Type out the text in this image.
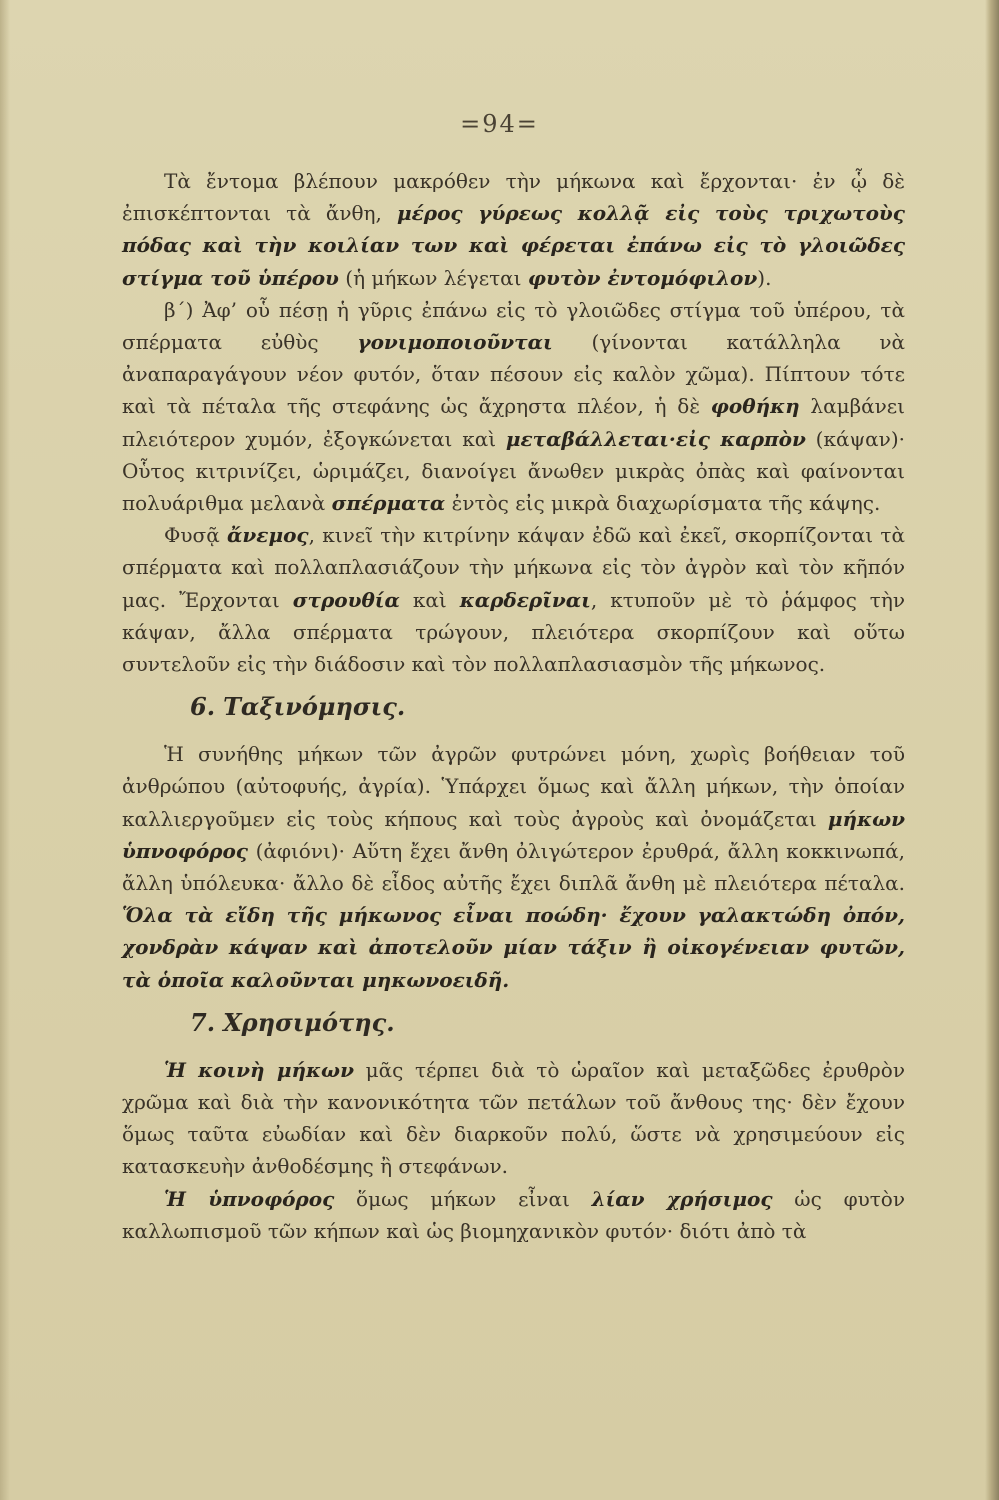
=94=

Τὰ ἔντομα βλέπουν μακρόθεν τὴν μήκωνα καὶ ἔρχονται· ἐν ᾧ δὲ ἐπισκέπτονται τὰ ἄνθη, μέρος γύρεως κολλᾷ εἰς τοὺς τριχωτοὺς πόδας καὶ τὴν κοιλίαν των καὶ φέρεται ἐπάνω εἰς τὸ γλοιῶδες στίγμα τοῦ ὑπέρου (ἡ μήκων λέγεται φυτὸν ἐντομόφιλον).

β΄) Ἀφ’ οὗ πέσῃ ἡ γῦρις ἐπάνω εἰς τὸ γλοιῶδες στίγμα τοῦ ὑπέρου, τὰ σπέρματα εὐθὺς γονιμοποιοῦνται (γίνονται κατάλληλα νὰ ἀναπαραγάγουν νέον φυτόν, ὅταν πέσουν εἰς καλὸν χῶμα). Πίπτουν τότε καὶ τὰ πέταλα τῆς στεφάνης ὡς ἄχρηστα πλέον, ἡ δὲ φοθήκη λαμβάνει πλειότερον χυμόν, ἐξογκώνεται καὶ μεταβάλλεται·εἰς καρπὸν (κάψαν)· Οὗτος κιτρινίζει, ὡριμάζει, διανοίγει ἄνωθεν μικρὰς ὀπὰς καὶ φαίνονται πολυάριθμα μελανὰ σπέρματα ἐντὸς εἰς μικρὰ διαχωρίσματα τῆς κάψης.

Φυσᾷ ἄνεμος, κινεῖ τὴν κιτρίνην κάψαν ἐδῶ καὶ ἐκεῖ, σκορπίζονται τὰ σπέρματα καὶ πολλαπλασιάζουν τὴν μήκωνα εἰς τὸν ἀγρὸν καὶ τὸν κῆπόν μας. Ἔρχονται στρουθία καὶ καρδερῖναι, κτυποῦν μὲ τὸ ῥάμφος τὴν κάψαν, ἄλλα σπέρματα τρώγουν, πλειότερα σκορπίζουν καὶ οὕτω συντελοῦν εἰς τὴν διάδοσιν καὶ τὸν πολλαπλασιασμὸν τῆς μήκωνος.

6. Ταξινόμησις.

Ἡ συνήθης μήκων τῶν ἀγρῶν φυτρώνει μόνη, χωρὶς βοήθειαν τοῦ ἀνθρώπου (αὐτοφυής, ἀγρία). Ὑπάρχει ὅμως καὶ ἄλλη μήκων, τὴν ὁποίαν καλλιεργοῦμεν εἰς τοὺς κήπους καὶ τοὺς ἀγροὺς καὶ ὀνομάζεται μήκων ὑπνοφόρος (ἀφιόνι)· Αὕτη ἔχει ἄνθη ὀλιγώτερον ἐρυθρά, ἄλλη κοκκινωπά, ἄλλη ὑπόλευκα· ἄλλο δὲ εἶδος αὐτῆς ἔχει διπλᾶ ἄνθη μὲ πλειότερα πέταλα. Ὅλα τὰ εἴδη τῆς μήκωνος εἶναι ποώδη· ἔχουν γαλακτώδη ὀπόν, χονδρὰν κάψαν καὶ ἀποτελοῦν μίαν τάξιν ἢ οἰκογένειαν φυτῶν, τὰ ὁποῖα καλοῦνται μηκωνοειδῆ.

7. Χρησιμότης.

Ἡ κοινὴ μήκων μᾶς τέρπει διὰ τὸ ὡραῖον καὶ μεταξῶδες ἐρυθρὸν χρῶμα καὶ διὰ τὴν κανονικότητα τῶν πετάλων τοῦ ἄνθους της· δὲν ἔχουν ὅμως ταῦτα εὐωδίαν καὶ δὲν διαρκοῦν πολύ, ὥστε νὰ χρησιμεύουν εἰς κατασκευὴν ἀνθοδέσμης ἢ στεφάνων.

Ἡ ὑπνοφόρος ὅμως μήκων εἶναι λίαν χρήσιμος ὡς φυτὸν καλλωπισμοῦ τῶν κήπων καὶ ὡς βιομηχανικὸν φυτόν· διότι ἀπὸ τὰ
